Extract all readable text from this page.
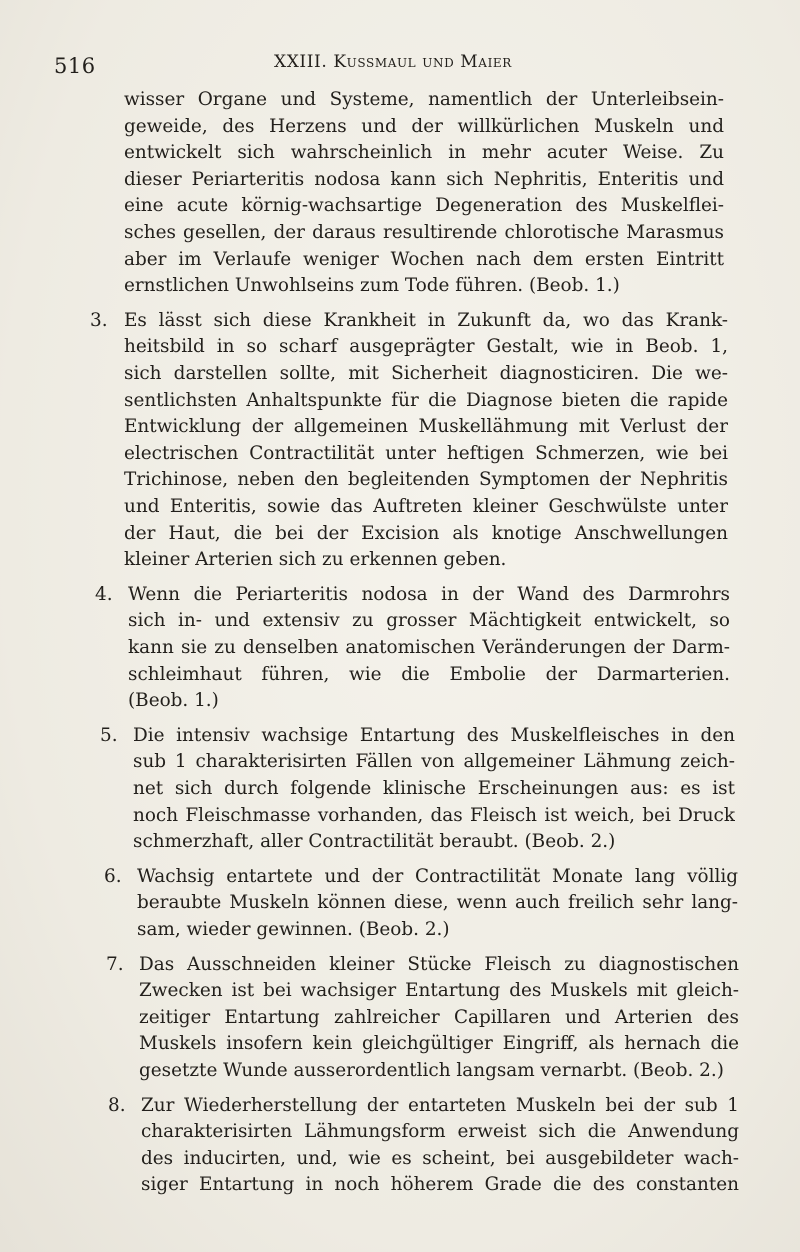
516	XXIII. Kussmaul und Maier
wisser Organe und Systeme, namentlich der Unterleibsein-
geweide, des Herzens und der willkürlichen Muskeln und
entwickelt sich wahrscheinlich in mehr acuter Weise. Zu
dieser Periarteritis nodosa kann sich Nephritis, Enteritis und
eine acute körnig-wachsartige Degeneration des Muskelflei-
sches gesellen, der daraus resultirende chlorotische Marasmus
aber im Verlaufe weniger Wochen nach dem ersten Eintritt
ernstlichen Unwohlseins zum Tode führen. (Beob. 1.)
3. Es lässt sich diese Krankheit in Zukunft da, wo das Krank-
heitsbild in so scharf ausgeprägter Gestalt, wie in Beob. 1,
sich darstellen sollte, mit Sicherheit diagnosticiren. Die we-
sentlichsten Anhaltspunkte für die Diagnose bieten die rapide
Entwicklung der allgemeinen Muskellähmung mit Verlust der
electrischen Contractilität unter heftigen Schmerzen, wie bei
Trichinose, neben den begleitenden Symptomen der Nephritis
und Enteritis, sowie das Auftreten kleiner Geschwülste unter
der Haut, die bei der Excision als knotige Anschwellungen
kleiner Arterien sich zu erkennen geben.
4. Wenn die Periarteritis nodosa in der Wand des Darmrohrs
sich in- und extensiv zu grosser Mächtigkeit entwickelt, so
kann sie zu denselben anatomischen Veränderungen der Darm-
schleimhaut führen, wie die Embolie der Darmarterien.
(Beob. 1.)
5. Die intensiv wachsige Entartung des Muskelfleisches in den
sub 1 charakterisirten Fällen von allgemeiner Lähmung zeich-
net sich durch folgende klinische Erscheinungen aus: es ist
noch Fleischmasse vorhanden, das Fleisch ist weich, bei Druck
schmerzhaft, aller Contractilität beraubt. (Beob. 2.)
6. Wachsig entartete und der Contractilität Monate lang völlig
beraubte Muskeln können diese, wenn auch freilich sehr lang-
sam, wieder gewinnen. (Beob. 2.)
7. Das Ausschneiden kleiner Stücke Fleisch zu diagnostischen
Zwecken ist bei wachsiger Entartung des Muskels mit gleich-
zeitiger Entartung zahlreicher Capillaren und Arterien des
Muskels insofern kein gleichgültiger Eingriff, als hernach die
gesetzte Wunde ausserordentlich langsam vernarbt. (Beob. 2.)
8. Zur Wiederherstellung der entarteten Muskeln bei der sub 1
charakterisirten Lähmungsform erweist sich die Anwendung
des inducirten, und, wie es scheint, bei ausgebildeter wach-
siger Entartung in noch höherem Grade die des constanten
